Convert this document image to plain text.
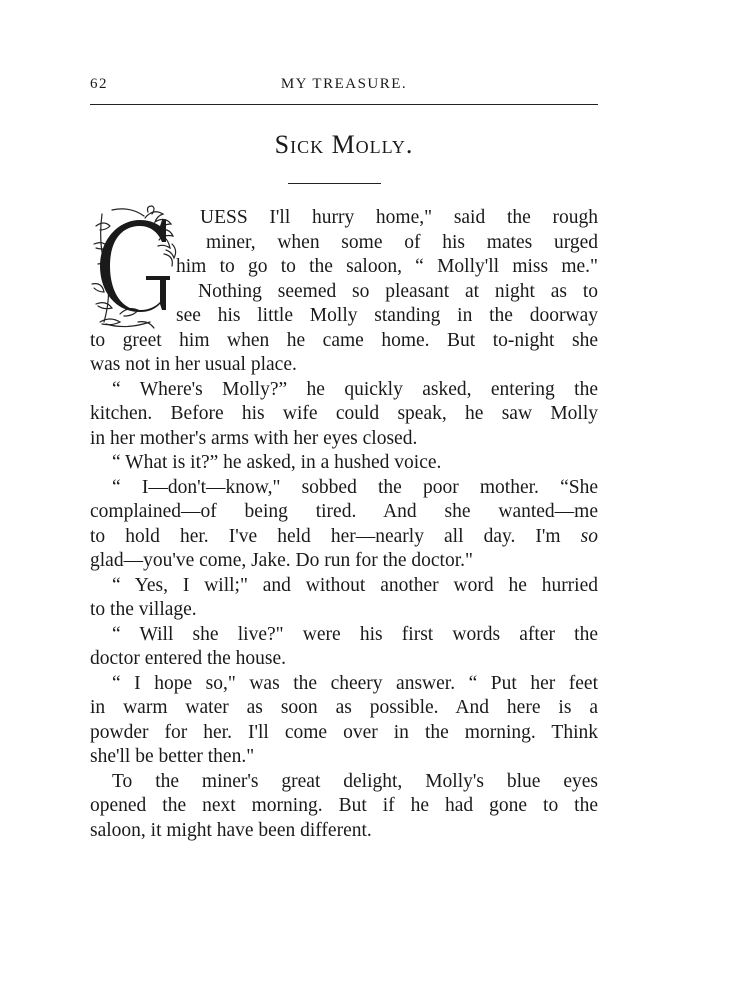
62	MY TREASURE.
Sick Molly.
UESS I'll hurry home," said the rough
miner, when some of his mates urged
him to go to the saloon, “ Molly'll miss me."
Nothing seemed so pleasant at night as to
see his little Molly standing in the doorway
to greet him when he came home. But to-night she
was not in her usual place.
“ Where's Molly?” he quickly asked, entering the
kitchen. Before his wife could speak, he saw Molly
in her mother's arms with her eyes closed.
“ What is it?” he asked, in a hushed voice.
“ I—don't—know," sobbed the poor mother. “She
complained—of being tired. And she wanted—me
to hold her. I've held her—nearly all day. I'm so
glad—you've come, Jake. Do run for the doctor."
“ Yes, I will;" and without another word he hurried
to the village.
“ Will she live?" were his first words after the
doctor entered the house.
“ I hope so," was the cheery answer. “ Put her feet
in warm water as soon as possible. And here is a
powder for her. I'll come over in the morning. Think
she'll be better then."
To the miner's great delight, Molly's blue eyes
opened the next morning. But if he had gone to the
saloon, it might have been different.
